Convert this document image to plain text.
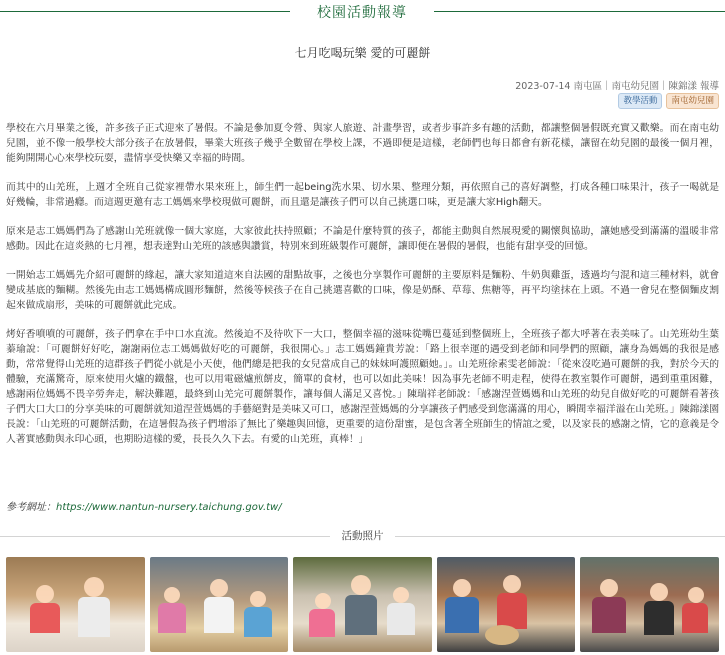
校園活動報導
七月吃喝玩樂 愛的可麗餅
2023-07-14 南屯區｜南屯幼兒園｜陳錦漾 報導
教學活動	南屯幼兒園

學校在六月畢業之後，許多孩子正式迎來了暑假。不論是參加夏令營、與家人旅遊、計畫學習，或者步事許多有趣的活動，都讓整個暑假既充實又歡樂。而在南屯幼兒園，並不像一般學校大部分孩子在放暑假，畢業大班孩子幾乎全數留在學校上課，不過即便是這樣，老師們也每日都會有新花樣，讓留在幼兒園的最後一個月裡，能夠開開心心來學校玩耍，盡情享受快樂又幸福的時間。

而其中的山羌班，上週才全班自己從家裡帶水果來班上，師生們一起being洗水果、切水果、整理分類，再依照自己的喜好調整，打成各種口味果汁，孩子一喝就是好幾輪，非常過癮。而這週更邀有志工媽媽來學校現做可麗餅，而且還是讓孩子們可以自己挑選口味，更是讓大家High翻天。

原來是志工媽媽們為了感謝山羌班就像一個大家庭，大家彼此扶持照顧；不論是什麼特質的孩子，都能主動與自然展現愛的關懷與協助，讓她感受到滿滿的溫暖非常感動。因此在這炎熱的七月裡，想表達對山羌班的該感與讚賞，特別來到班級製作可麗餅，讓即便在暑假的暑假，也能有甜享受的回憶。

一開始志工媽媽先介紹可麗餅的緣起，讓大家知道這來自法國的甜點故事，之後也分享製作可麗餅的主要原料是麵粉、牛奶與雞蛋，透過均勻混和這三種材料，就會變成基底的麵糊。然後先由志工媽媽構成圓形麵餅，然後等候孩子在自己挑選喜歡的口味，像是奶酥、草莓、焦糖等，再平均塗抹在上頭。不過一會兒在整個麵皮割起來做成扇形，美味的可麗餅就此完成。

烤好香噴噴的可麗餅，孩子們拿在手中口水直流。然後迫不及待吹下一大口，整個幸福的滋味從嘴巴蔓延到整個班上，全班孩子都大呼著在表美味了。山羌班幼生葉蓁瑜說：「可麗餅好好吃，謝謝兩位志工媽媽做好吃的可麗餅，我很開心。」志工媽媽鐘貴芳說：「路上很幸運的遇受到老師和同學們的照顧，讓身為媽媽的我很是感動，常常覺得山羌班的這群孩子們從小就是小天使，他們總是把我的女兒當成自己的妹妹呵護照顧她。」。山羌班徐素雯老師說：「從來沒吃過可麗餅的我，對於今天的體驗，充滿驚奇，原來使用火爐的鐵盤，也可以用電磁爐煎餅皮，簡單的食材，也可以如此美味！因為事先老師不明走程，使得在教室製作可麗餅，遇到重重困難，感謝兩位媽媽不畏辛勞奔走，解決難題，最終到山羌完可麗餅製作，讓每個人滿足又喜悅。」陳瑞祥老師說：「感謝涅萱媽媽和山羌班的幼兒自做好吃的可麗餅看著孩子們大口大口的分享美味的可麗餅就知道涅萱媽媽的手藝絕對是美味又可口，感謝涅萱媽媽的分享讓孩子們感受到您滿滿的用心，瞬間幸福洋溢在山羌班。」陳錦漾園長說：「山羌班的可麗餅活動，在這暑假為孩子們增添了無比了樂趣與回憶，更重要的這份甜蜜，是包含著全班師生的情誼之愛，以及家長的感謝之情，它的意義是令人著實感動與永印心頭，也期盼這樣的愛，長長久久下去。有愛的山羌班，真棒！」

參考網址：https://www.nantun-nursery.taichung.gov.tw/
活動照片
